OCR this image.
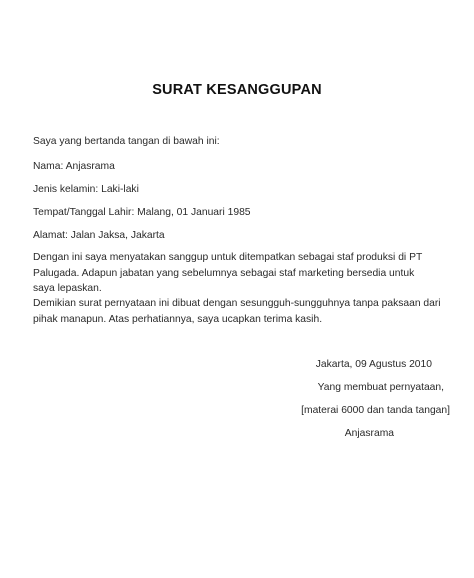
SURAT KESANGGUPAN
Saya yang bertanda tangan di bawah ini:
Nama: Anjasrama
Jenis kelamin: Laki-laki
Tempat/Tanggal Lahir: Malang, 01 Januari 1985
Alamat: Jalan Jaksa, Jakarta
Dengan ini saya menyatakan sanggup untuk ditempatkan sebagai staf produksi di PT Palugada. Adapun jabatan yang sebelumnya sebagai staf marketing bersedia untuk saya lepaskan.
Demikian surat pernyataan ini dibuat dengan sesungguh-sungguhnya tanpa paksaan dari pihak manapun. Atas perhatiannya, saya ucapkan terima kasih.
Jakarta, 09 Agustus 2010
Yang membuat pernyataan,
[materai 6000 dan tanda tangan]
Anjasrama
